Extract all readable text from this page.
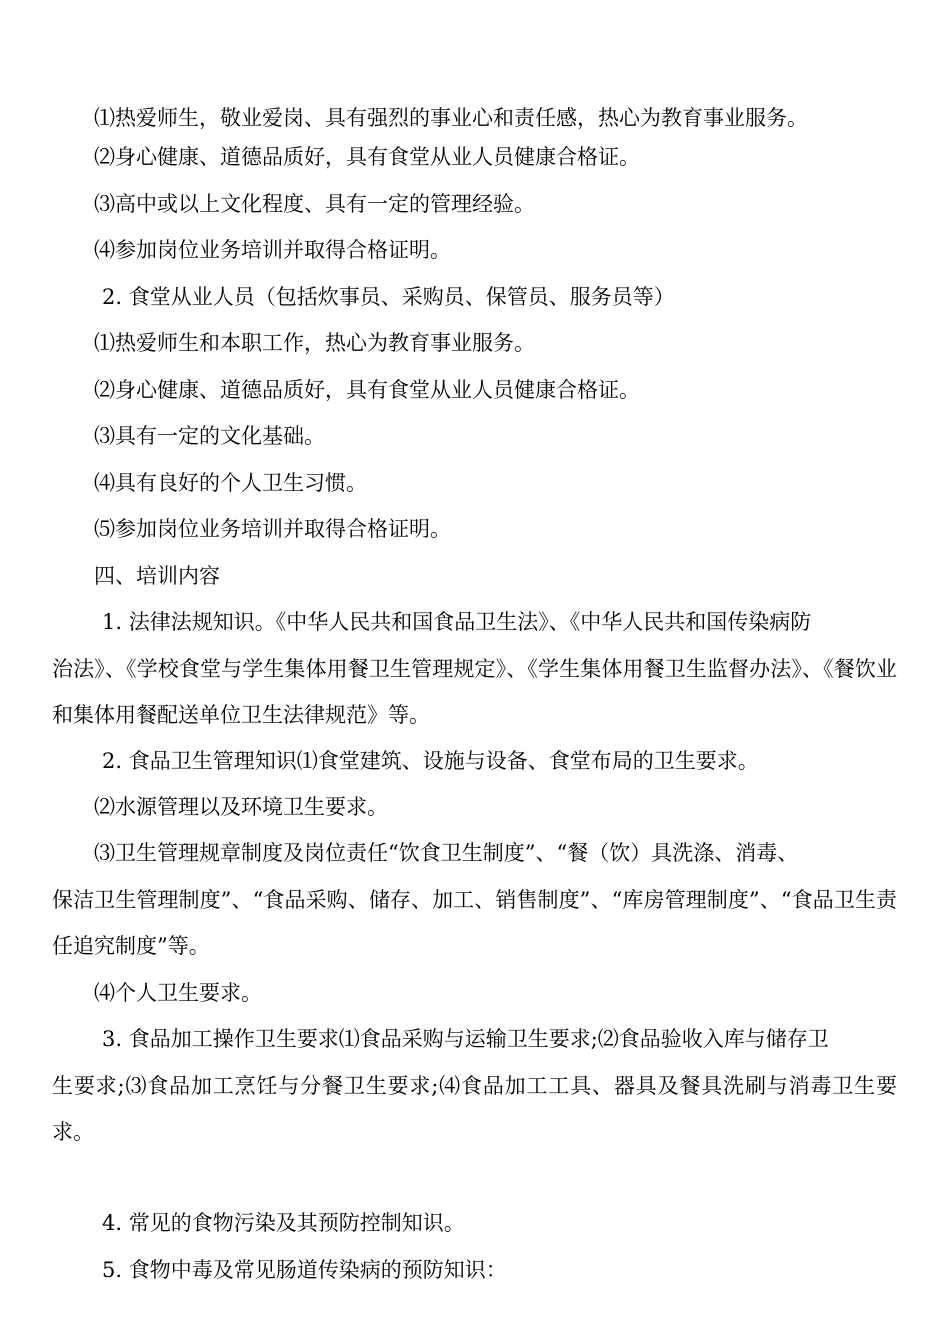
⑴热爱师生，敬业爱岗、具有强烈的事业心和责任感，热心为教育事业服务。

⑵身心健康、道德品质好，具有食堂从业人员健康合格证。

⑶高中或以上文化程度、具有一定的管理经验。

⑷参加岗位业务培训并取得合格证明。

2. 食堂从业人员（包括炊事员、采购员、保管员、服务员等）

⑴热爱师生和本职工作，热心为教育事业服务。

⑵身心健康、道德品质好，具有食堂从业人员健康合格证。

⑶具有一定的文化基础。

⑷具有良好的个人卫生习惯。

⑸参加岗位业务培训并取得合格证明。

四、培训内容

1. 法律法规知识。《中华人民共和国食品卫生法》、《中华人民共和国传染病防
治法》、《学校食堂与学生集体用餐卫生管理规定》、《学生集体用餐卫生监督办法》、《餐饮业和集体用餐配送单位卫生法律规范》等。

2. 食品卫生管理知识⑴食堂建筑、设施与设备、食堂布局的卫生要求。

⑵水源管理以及环境卫生要求。

⑶卫生管理规章制度及岗位责任“饮食卫生制度”、“餐（饮）具洗涤、消毒、
保洁卫生管理制度”、“食品采购、储存、加工、销售制度”、“库房管理制度”、“食品卫生责任追究制度”等。

⑷个人卫生要求。

3. 食品加工操作卫生要求⑴食品采购与运输卫生要求;⑵食品验收入库与储存卫
生要求;⑶食品加工烹饪与分餐卫生要求;⑷食品加工工具、器具及餐具洗刷与消毒卫生要求。

4. 常见的食物污染及其预防控制知识。

5. 食物中毒及常见肠道传染病的预防知识：
